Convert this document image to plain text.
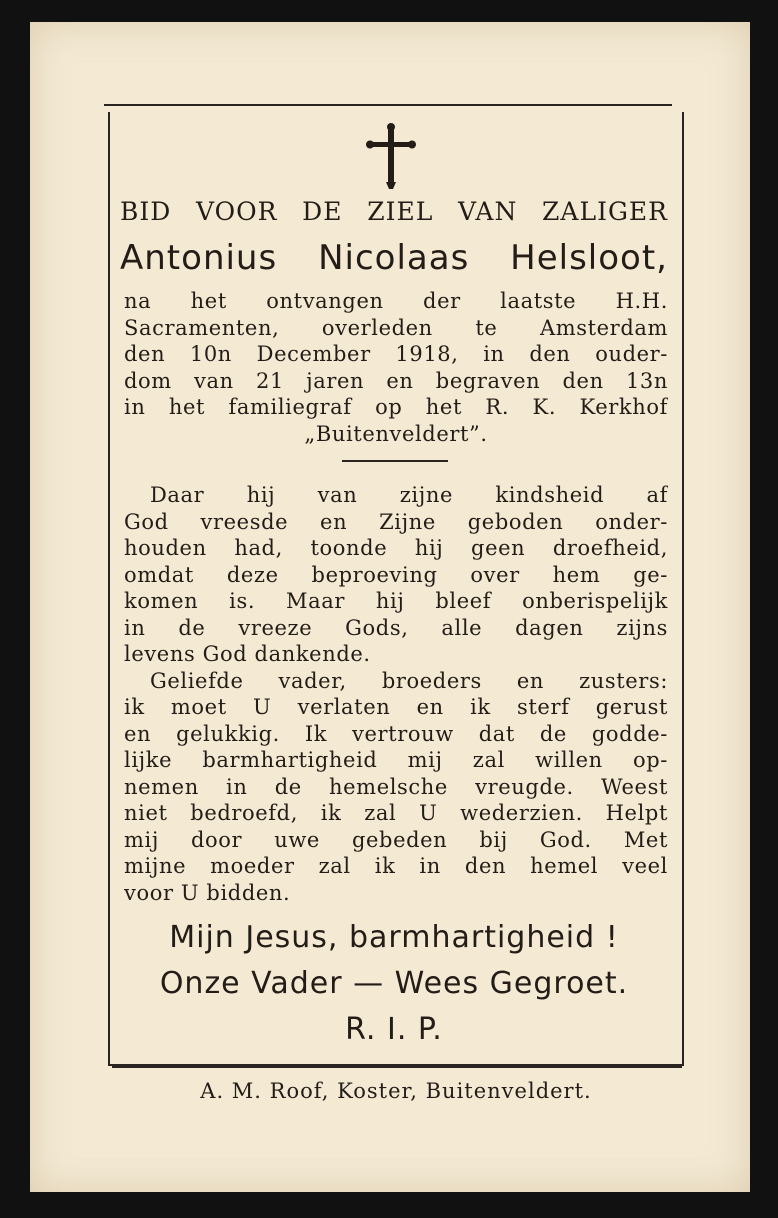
BID VOOR DE ZIEL VAN ZALIGER
Antonius Nicolaas Helsloot,
na het ontvangen der laatste H.H.
Sacramenten, overleden te Amsterdam
den 10n December 1918, in den ouder-
dom van 21 jaren en begraven den 13n
in het familiegraf op het R. K. Kerkhof
„Buitenveldert”.
Daar hij van zijne kindsheid af
God vreesde en Zijne geboden onder-
houden had, toonde hij geen droefheid,
omdat deze beproeving over hem ge-
komen is. Maar hij bleef onberispelijk
in de vreeze Gods, alle dagen zijns
levens God dankende.
Geliefde vader, broeders en zusters:
ik moet U verlaten en ik sterf gerust
en gelukkig. Ik vertrouw dat de godde-
lijke barmhartigheid mij zal willen op-
nemen in de hemelsche vreugde. Weest
niet bedroefd, ik zal U wederzien. Helpt
mij door uwe gebeden bij God. Met
mijne moeder zal ik in den hemel veel
voor U bidden.
Mijn Jesus, barmhartigheid !
Onze Vader — Wees Gegroet.
R. I. P.
A. M. Roof, Koster, Buitenveldert.
